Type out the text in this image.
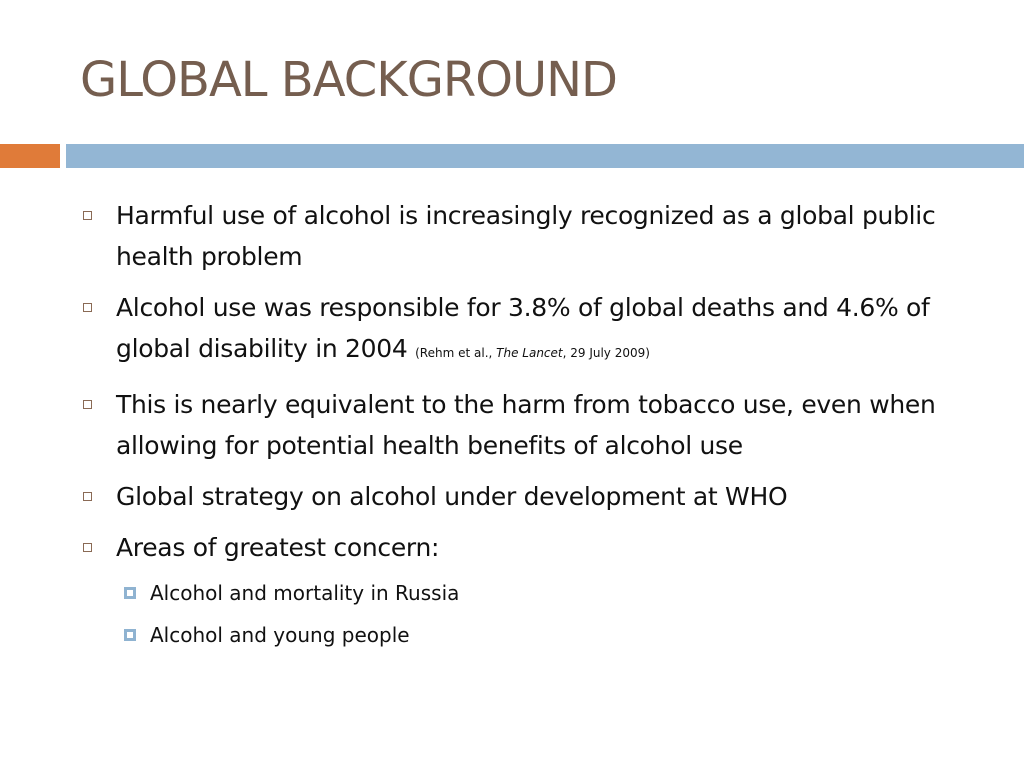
GLOBAL BACKGROUND
Harmful use of alcohol is increasingly recognized as a global public health problem
Alcohol use was responsible for 3.8% of global deaths and 4.6% of global disability in 2004 (Rehm et al., The Lancet, 29 July 2009)
This is nearly equivalent to the harm from tobacco use, even when allowing for potential health benefits of alcohol use
Global strategy on alcohol under development at WHO
Areas of greatest concern:
Alcohol and mortality in Russia
Alcohol and young people
